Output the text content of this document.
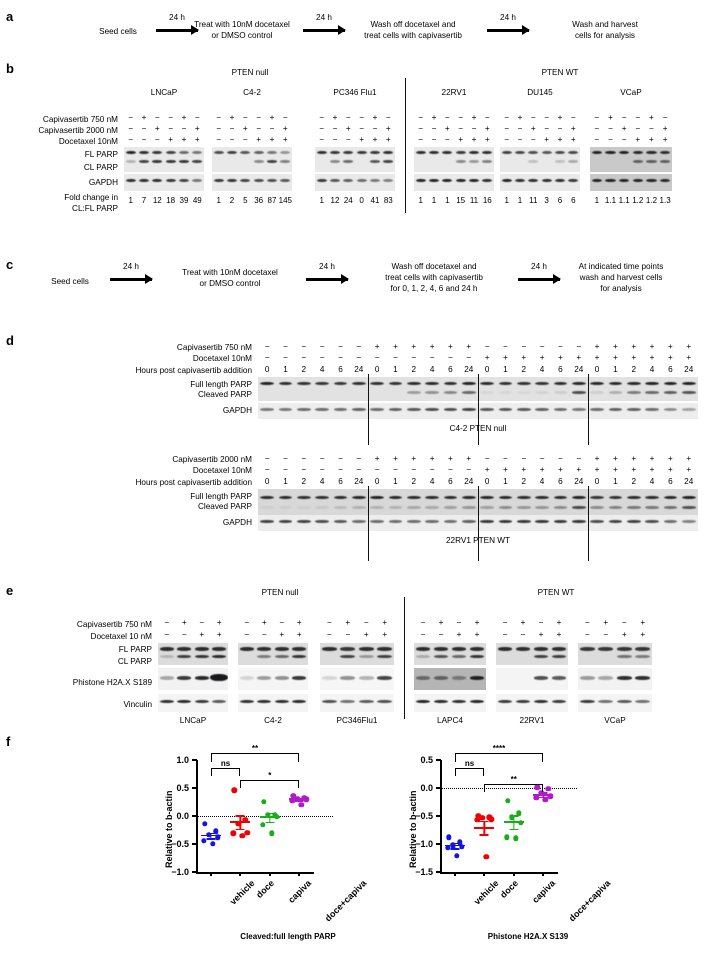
a
Seed cells
Treat with 10nM docetaxel
or DMSO control
Wash off docetaxel and
treat cells with capivasertib
Wash and harvest
cells for analysis
24 h	24 h	24 h
b	PTEN null	PTEN WT
Capivasertib 750 nM
Capivasertib 2000 nM
Docetaxel 10nM
FL PARP
CL PARP
GAPDH
Fold change in
CL:FL PARP
LNCaP
−	+	−	−	+	−
−	−	+	−	−	+
−	−	−	+	+	+
1	7 12 18 39 49
C4-2
−	+	−	−	+	−
−	−	+	−	−	+
−	−	−	+	+	+
1	2	5 36 87 145
PC346 Flu1
−	+	−	−	+	−
−	−	+	−	−	+
−	−	−	+	+	+
1 12 24 0 41 83
22RV1
−	+	−	−	+	−
−	−	+	−	−	+
−	−	−	+	+	+
1	1	1 15 11 16
DU145
−	+	−	−	+	−
−	−	+	−	−	+
−	−	−	+	+	+
1	1 11 3	6	6
VCaP
−	+	−	−	+	−
−	−	+	−	−	+
−	−	−	+	+	+
1 1.1 1.1 1.2 1.2 1.3
c
Seed cells
Treat with 10nM docetaxel
or DMSO control
Wash off docetaxel and
treat cells with capivasertib
for 0, 1, 2, 4, 6 and 24 h
At indicated time points
wash and harvest cells
for analysis
24 h	24 h	24 h
d	Capivasertib 750 nM
Docetaxel 10nM
Hours post capivasertib addition
Full length PARP
Cleaved PARP
GAPDH
−	−	−	−	−	−	+	+	+	+	+	+	−	−	−	−	−	−	+	+	+	+	+	+
−	−	−	−	−	−	−	−	−	−	−	−	+	+	+	+	+	+	+	+	+	+	+	+
0	1	2	4	6	24	0	1	2	4	6	24	0	1	2	4	6	24	0	1	2	4	6	24
C4-2 PTEN null
Capivasertib 2000 nM
Docetaxel 10nM
Hours post capivasertib addition
Full length PARP
Cleaved PARP
GAPDH
−	−	−	−	−	−	+	+	+	+	+	+	−	−	−	−	−	−	+	+	+	+	+	+
−	−	−	−	−	−	−	−	−	−	−	−	+	+	+	+	+	+	+	+	+	+	+	+
0	1	2	4	6	24	0	1	2	4	6	24	0	1	2	4	6	24	0	1	2	4	6	24
22RV1 PTEN WT
e	PTEN null	PTEN WT
Capivasertib 750 nM
Docetaxel 10 nM
FL PARP
CL PARP
Phistone H2A.X S189
Vinculin
−	+	−	+
−	−	+	+
LNCaP
−	+	−	+
−	−	+	+
C4-2
−	+	−	+
−	−	+	+
PC346Flu1
−	+	−	+
−	−	+	+
LAPC4
−	+	−	+
−	−	+	+
22RV1
−	+	−	+
−	−	+	+
VCaP
f
−1.0
−0.5
0.0
0.5
1.0
Relative to b-actin
vehicle
doce capiva doce+capiva
**
ns
*
Cleaved:full length PARP
−1.5
−1.0
−0.5
0.0
0.5
Relative to b-actin
vehicle
doce capiva doce+capiva
****
ns
**
Phistone H2A.X S139
